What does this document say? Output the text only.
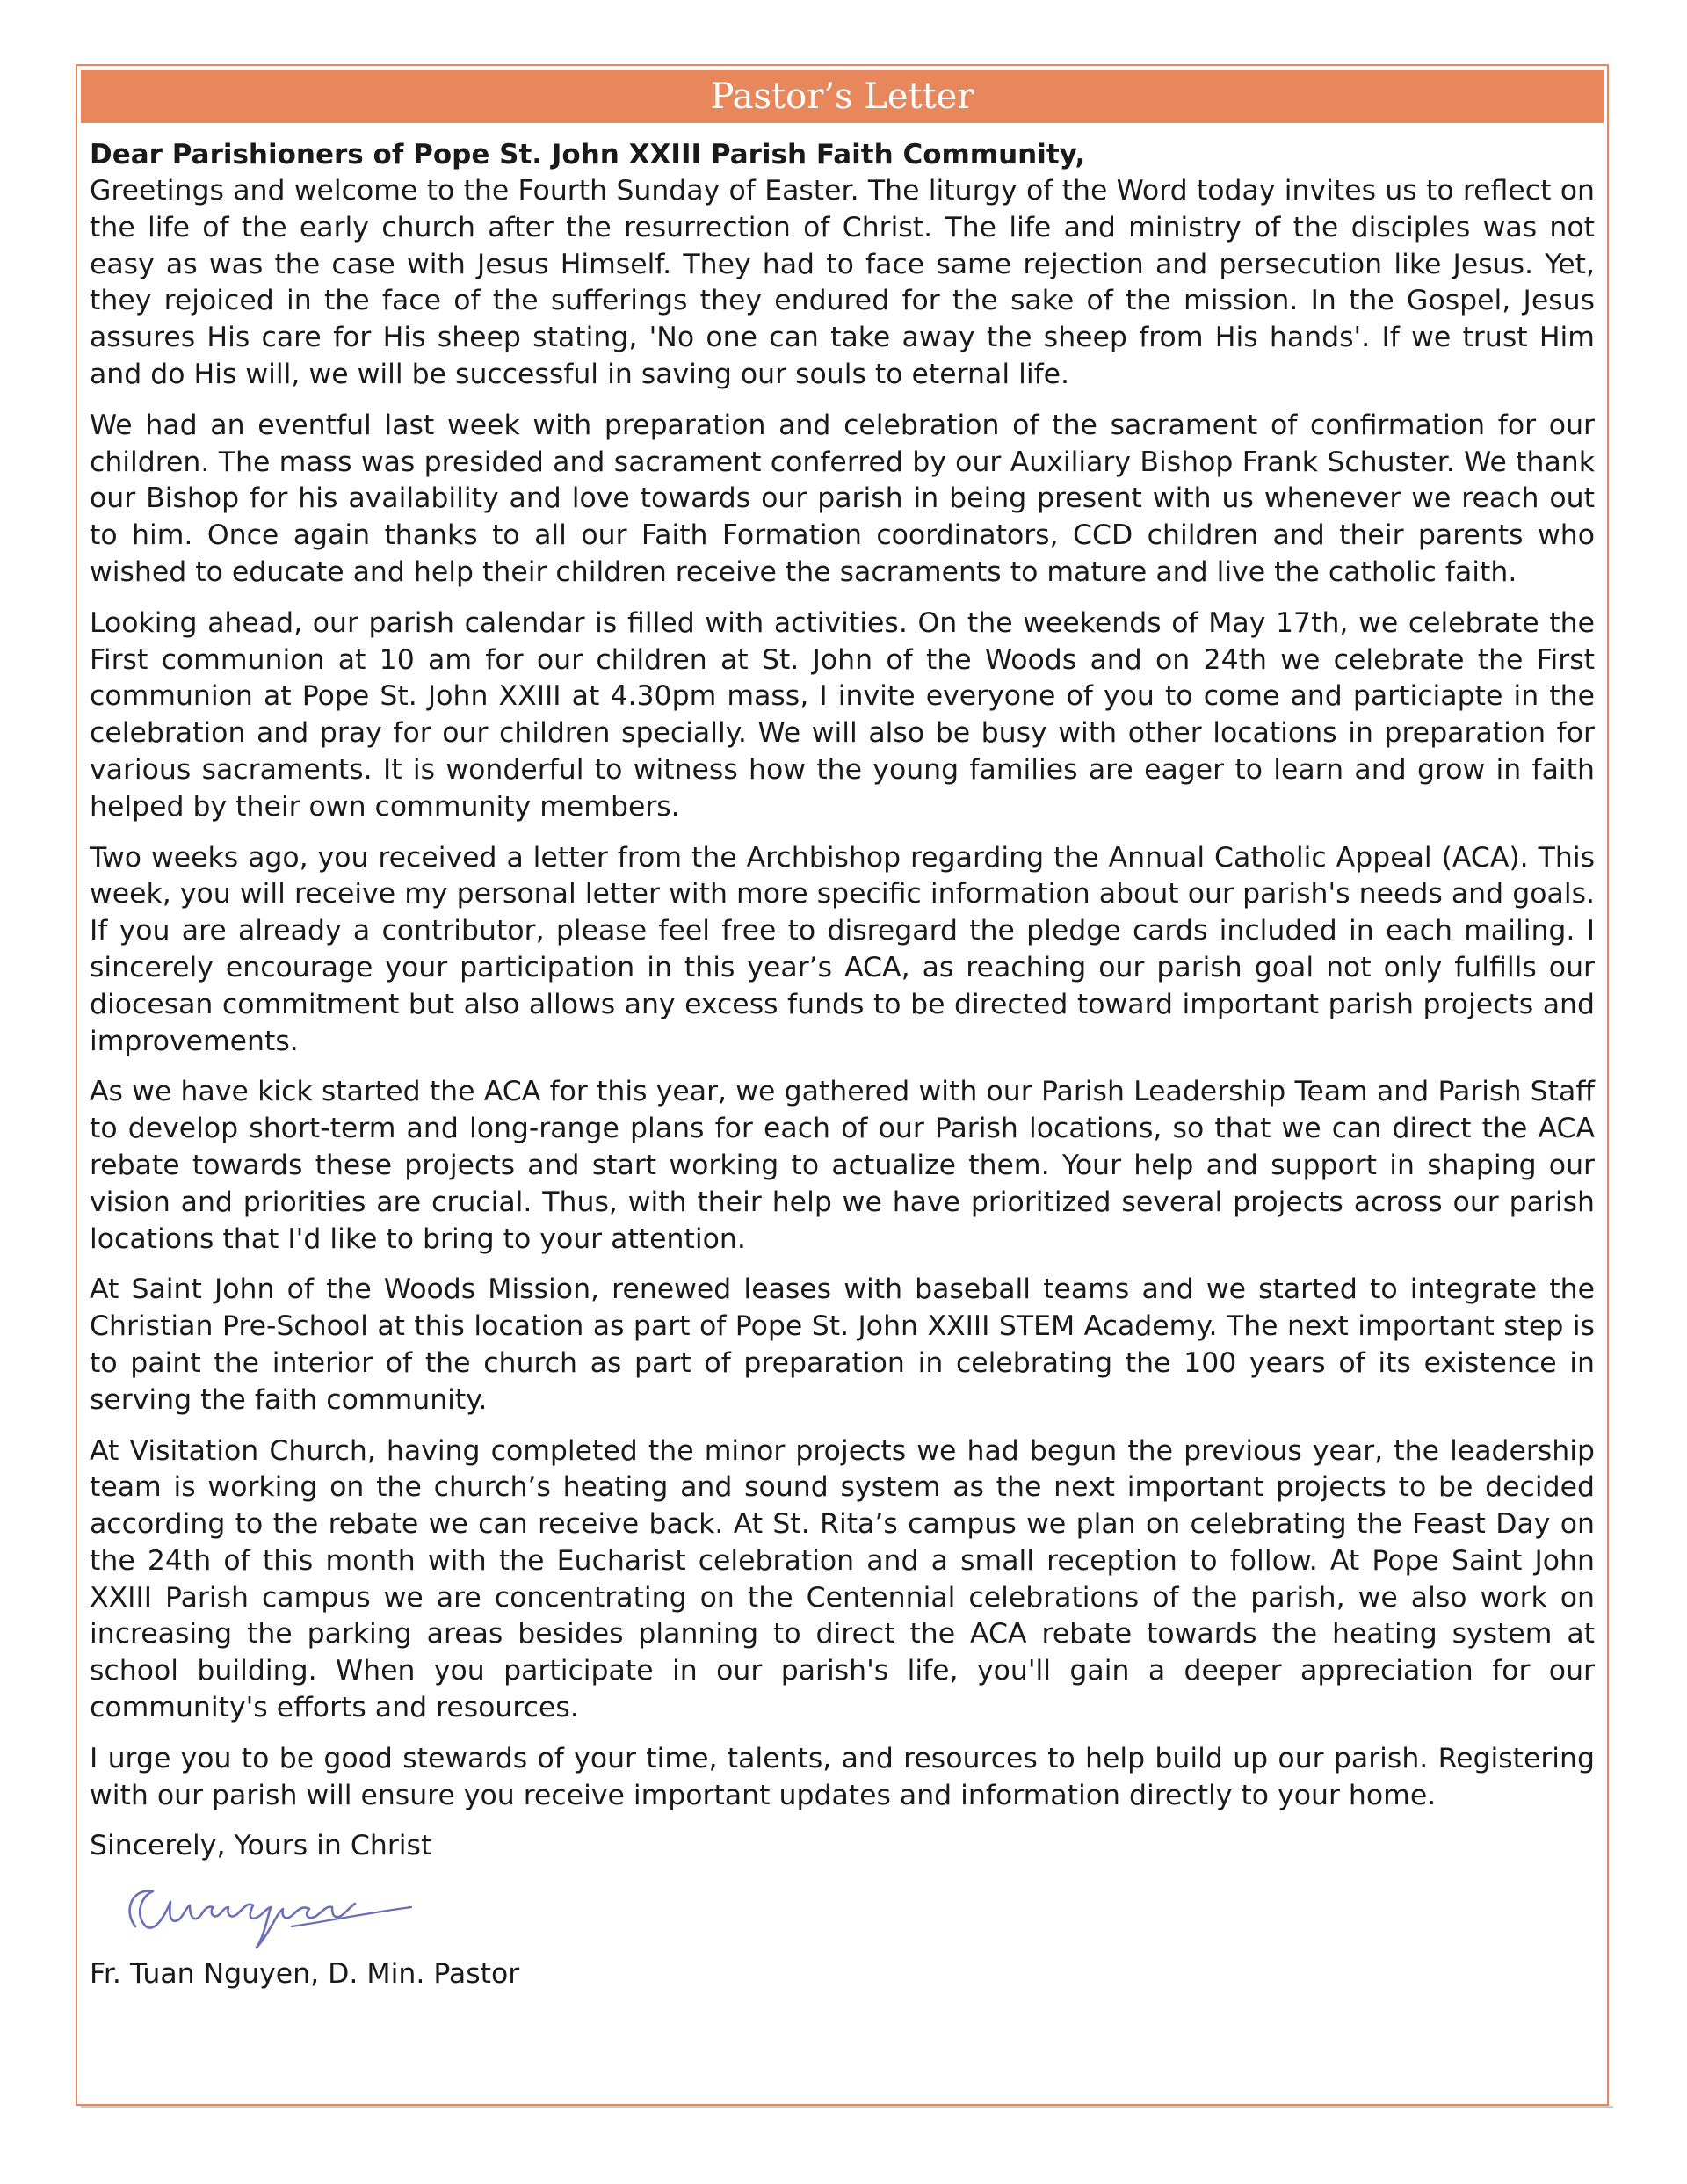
Pastor’s Letter

Dear Parishioners of Pope St. John XXIII Parish Faith Community,

Greetings and welcome to the Fourth Sunday of Easter. The liturgy of the Word today invites us to reflect on the life of the early church after the resurrection of Christ. The life and ministry of the disciples was not easy as was the case with Jesus Himself. They had to face same rejection and persecution like Jesus. Yet, they rejoiced in the face of the sufferings they endured for the sake of the mission. In the Gospel, Jesus assures His care for His sheep stating, 'No one can take away the sheep from His hands'. If we trust Him and do His will, we will be successful in saving our souls to eternal life.

We had an eventful last week with preparation and celebration of the sacrament of confirmation for our children. The mass was presided and sacrament conferred by our Auxiliary Bishop Frank Schuster. We thank our Bishop for his availability and love towards our parish in being present with us whenever we reach out to him. Once again thanks to all our Faith Formation coordinators, CCD children and their parents who wished to educate and help their children receive the sacraments to mature and live the catholic faith.

Looking ahead, our parish calendar is filled with activities. On the weekends of May 17th, we celebrate the First communion at 10 am for our children at St. John of the Woods and on 24th we celebrate the First communion at Pope St. John XXIII at 4.30pm mass, I invite everyone of you to come and particiapte in the celebration and pray for our children specially. We will also be busy with other locations in preparation for various sacraments. It is wonderful to witness how the young families are eager to learn and grow in faith helped by their own community members.

Two weeks ago, you received a letter from the Archbishop regarding the Annual Catholic Appeal (ACA). This week, you will receive my personal letter with more specific information about our parish's needs and goals. If you are already a contributor, please feel free to disregard the pledge cards included in each mailing. I sincerely encourage your participation in this year’s ACA, as reaching our parish goal not only fulfills our diocesan commitment but also allows any excess funds to be directed toward important parish projects and improvements.

As we have kick started the ACA for this year, we gathered with our Parish Leadership Team and Parish Staff to develop short-term and long-range plans for each of our Parish locations, so that we can direct the ACA rebate towards these projects and start working to actualize them. Your help and support in shaping our vision and priorities are crucial. Thus, with their help we have prioritized several projects across our parish locations that I'd like to bring to your attention.

At Saint John of the Woods Mission, renewed leases with baseball teams and we started to integrate the Christian Pre-School at this location as part of Pope St. John XXIII STEM Academy. The next important step is to paint the interior of the church as part of preparation in celebrating the 100 years of its existence in serving the faith community.

At Visitation Church, having completed the minor projects we had begun the previous year, the leadership team is working on the church’s heating and sound system as the next important projects to be decided according to the rebate we can receive back. At St. Rita’s campus we plan on celebrating the Feast Day on the 24th of this month with the Eucharist celebration and a small reception to follow. At Pope Saint John XXIII Parish campus we are concentrating on the Centennial celebrations of the parish, we also work on increasing the parking areas besides planning to direct the ACA rebate towards the heating system at school building. When you participate in our parish's life, you'll gain a deeper appreciation for our community's efforts and resources.

I urge you to be good stewards of your time, talents, and resources to help build up our parish. Registering with our parish will ensure you receive important updates and information directly to your home.

Sincerely, Yours in Christ

Fr. Tuan Nguyen, D. Min. Pastor
